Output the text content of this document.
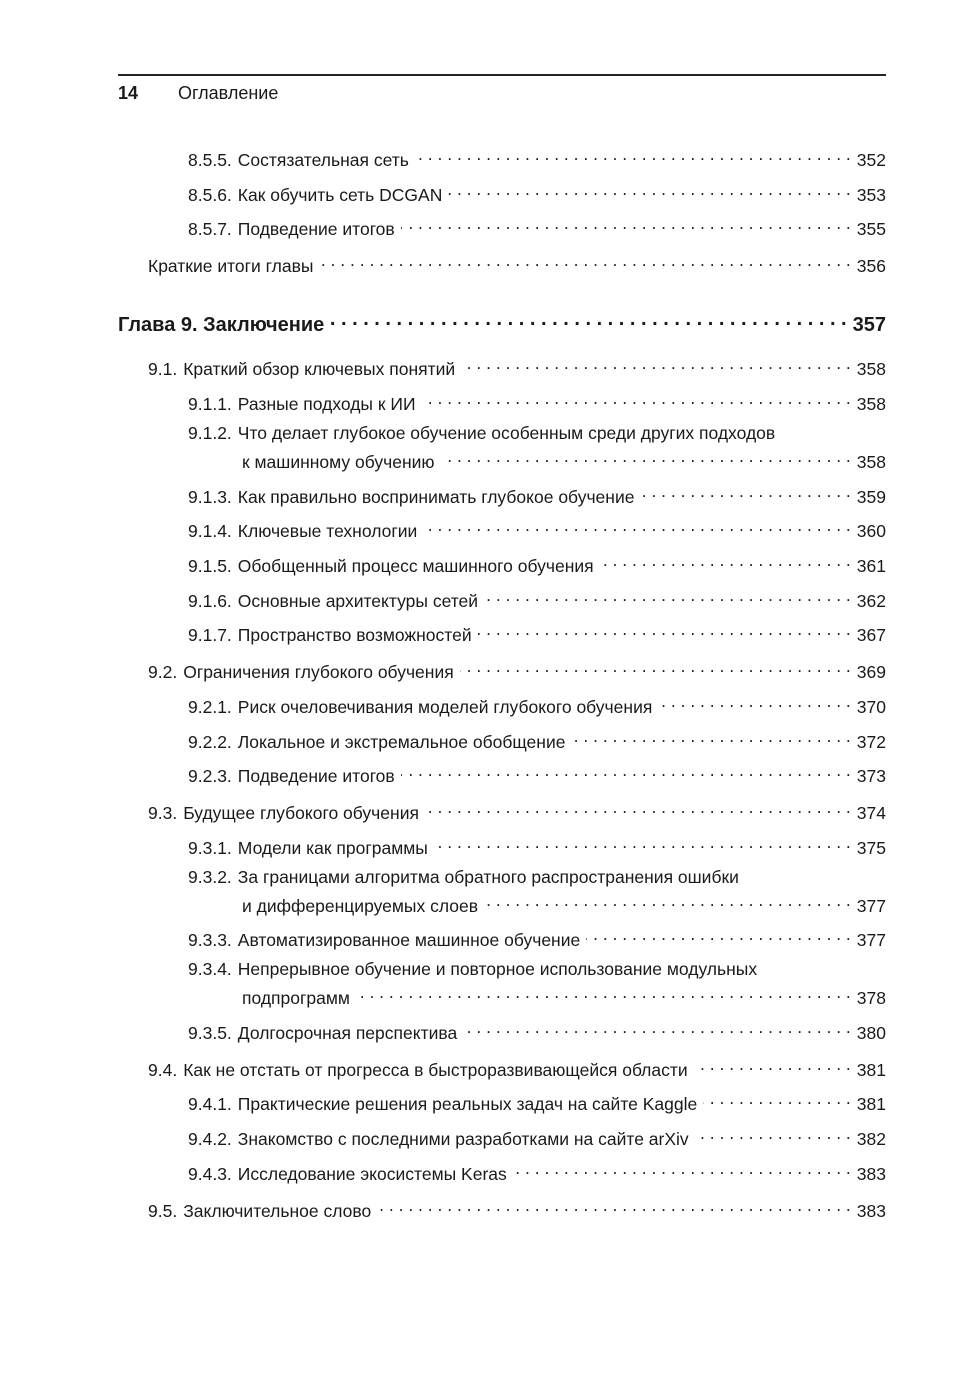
14 Оглавление
8.5.5. Состязательная сеть . . .	352
8.5.6. Как обучить сеть DCGAN . . .	353
8.5.7. Подведение итогов . . .	355
Краткие итоги главы . . .	356
Глава 9. Заключение . . .	357
9.1. Краткий обзор ключевых понятий . . .	358
9.1.1. Разные подходы к ИИ . . .	358
9.1.2. Что делает глубокое обучение особенным среди других подходов
к машинному обучению . . .	358
9.1.3. Как правильно воспринимать глубокое обучение . . .	359
9.1.4. Ключевые технологии . . .	360
9.1.5. Обобщенный процесс машинного обучения . . .	361
9.1.6. Основные архитектуры сетей . . .	362
9.1.7. Пространство возможностей . . .	367
9.2. Ограничения глубокого обучения . . .	369
9.2.1. Риск очеловечивания моделей глубокого обучения . . .	370
9.2.2. Локальное и экстремальное обобщение . . .	372
9.2.3. Подведение итогов . . .	373
9.3. Будущее глубокого обучения . . .	374
9.3.1. Модели как программы . . .	375
9.3.2. За границами алгоритма обратного распространения ошибки
и дифференцируемых слоев . . .	377
9.3.3. Автоматизированное машинное обучение . . .	377
9.3.4. Непрерывное обучение и повторное использование модульных
подпрограмм . . .	378
9.3.5. Долгосрочная перспектива . . .	380
9.4. Как не отстать от прогресса в быстроразвивающейся области . . .	381
9.4.1. Практические решения реальных задач на сайте Kaggle . . .	381
9.4.2. Знакомство с последними разработками на сайте arXiv . . .	382
9.4.3. Исследование экосистемы Keras . . .	383
9.5. Заключительное слово . . .	383
